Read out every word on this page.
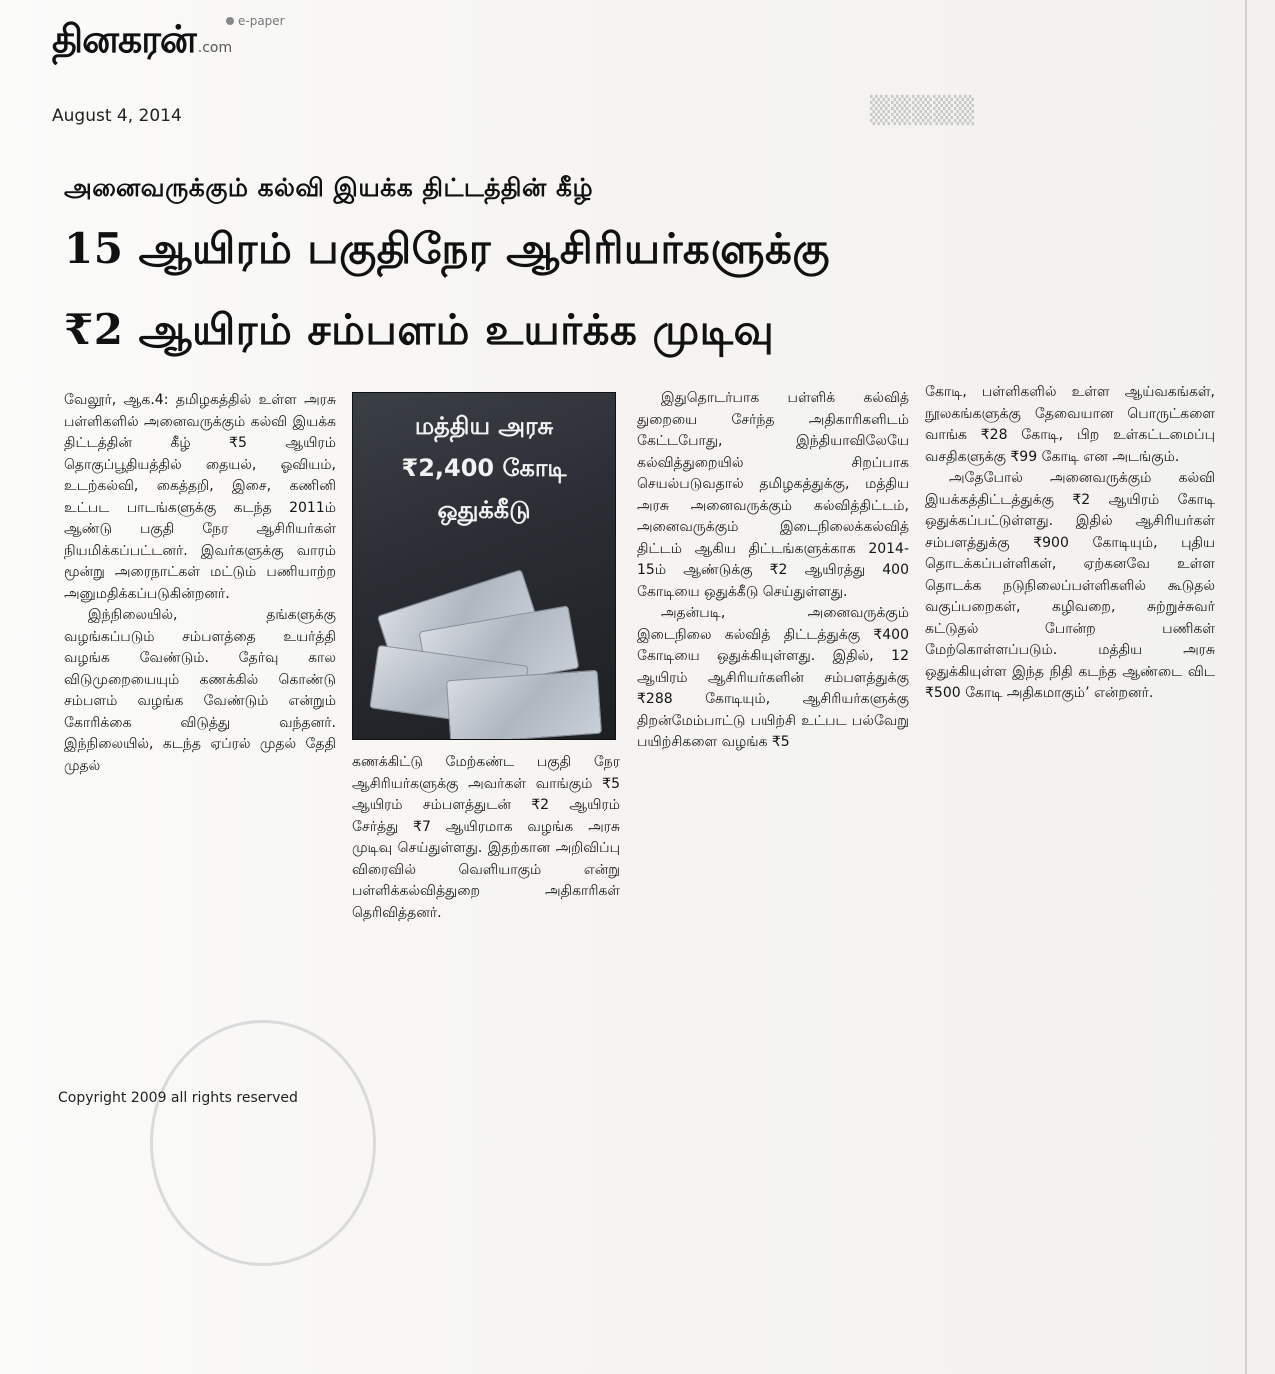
▒▒▒▒▒
தினகரன் .com
e-paper
August 4, 2014
அனைவருக்கும் கல்வி இயக்க திட்டத்தின் கீழ்
15 ஆயிரம் பகுதிநேர ஆசிரியர்களுக்கு
₹2 ஆயிரம் சம்பளம் உயர்க்க முடிவு

வேலூர், ஆக.4: தமிழகத்தில் உள்ள அரசு பள்ளிகளில் அனைவருக்கும் கல்வி இயக்க திட்டத்தின் கீழ் ₹5 ஆயிரம் தொகுப்பூதியத்தில் தையல், ஓவியம், உடற்கல்வி, கைத்தறி, இசை, கணினி உட்பட பாடங்களுக்கு கடந்த 2011ம் ஆண்டு பகுதி நேர ஆசிரியர்கள் நியமிக்கப்பட்டனர். இவர்களுக்கு வாரம் மூன்று அரைநாட்கள் மட்டும் பணியாற்ற அனுமதிக்கப்படுகின்றனர்.

இந்நிலையில், தங்களுக்கு வழங்கப்படும் சம்பளத்தை உயர்த்தி வழங்க வேண்டும். தேர்வு கால விடுமுறையையும் கணக்கில் கொண்டு சம்பளம் வழங்க வேண்டும் என்றும் கோரிக்கை விடுத்து வந்தனர். இந்நிலையில், கடந்த ஏப்ரல் முதல் தேதி முதல்

மத்திய அரசு
₹2,400 கோடி
ஒதுக்கீடு

கணக்கிட்டு மேற்கண்ட பகுதி நேர ஆசிரியர்களுக்கு அவர்கள் வாங்கும் ₹5 ஆயிரம் சம்பளத்துடன் ₹2 ஆயிரம் சேர்த்து ₹7 ஆயிரமாக வழங்க அரசு முடிவு செய்துள்ளது. இதற்கான அறிவிப்பு விரைவில் வெளியாகும் என்று பள்ளிக்கல்வித்துறை அதிகாரிகள் தெரிவித்தனர்.

இதுதொடர்பாக பள்ளிக் கல்வித் துறையை சேர்ந்த அதிகாரிகளிடம் கேட்டபோது, இந்தியாவிலேயே கல்வித்துறையில் சிறப்பாக செயல்படுவதால் தமிழகத்துக்கு, மத்திய அரசு அனைவருக்கும் கல்வித்திட்டம், அனைவருக்கும் இடைநிலைக்கல்வித் திட்டம் ஆகிய திட்டங்களுக்காக 2014-15ம் ஆண்டுக்கு ₹2 ஆயிரத்து 400 கோடியை ஒதுக்கீடு செய்துள்ளது.

அதன்படி, அனைவருக்கும் இடைநிலை கல்வித் திட்டத்துக்கு ₹400 கோடியை ஒதுக்கியுள்ளது. இதில், 12 ஆயிரம் ஆசிரியர்களின் சம்பளத்துக்கு ₹288 கோடியும், ஆசிரியர்களுக்கு திறன்மேம்பாட்டு பயிற்சி உட்பட பல்வேறு பயிற்சிகளை வழங்க ₹5

கோடி, பள்ளிகளில் உள்ள ஆய்வகங்கள், நூலகங்களுக்கு தேவையான பொருட்களை வாங்க ₹28 கோடி, பிற உள்கட்டமைப்பு வசதிகளுக்கு ₹99 கோடி என அடங்கும்.

அதேபோல் அனைவருக்கும் கல்வி இயக்கத்திட்டத்துக்கு ₹2 ஆயிரம் கோடி ஒதுக்கப்பட்டுள்ளது. இதில் ஆசிரியர்கள் சம்பளத்துக்கு ₹900 கோடியும், புதிய தொடக்கப்பள்ளிகள், ஏற்கனவே உள்ள தொடக்க நடுநிலைப்பள்ளிகளில் கூடுதல் வகுப்பறைகள், கழிவறை, சுற்றுச்சுவர் கட்டுதல் போன்ற பணிகள் மேற்கொள்ளப்படும். மத்திய அரசு ஒதுக்கியுள்ள இந்த நிதி கடந்த ஆண்டை விட ₹500 கோடி அதிகமாகும்’ என்றனர்.

Copyright 2009 all rights reserved
